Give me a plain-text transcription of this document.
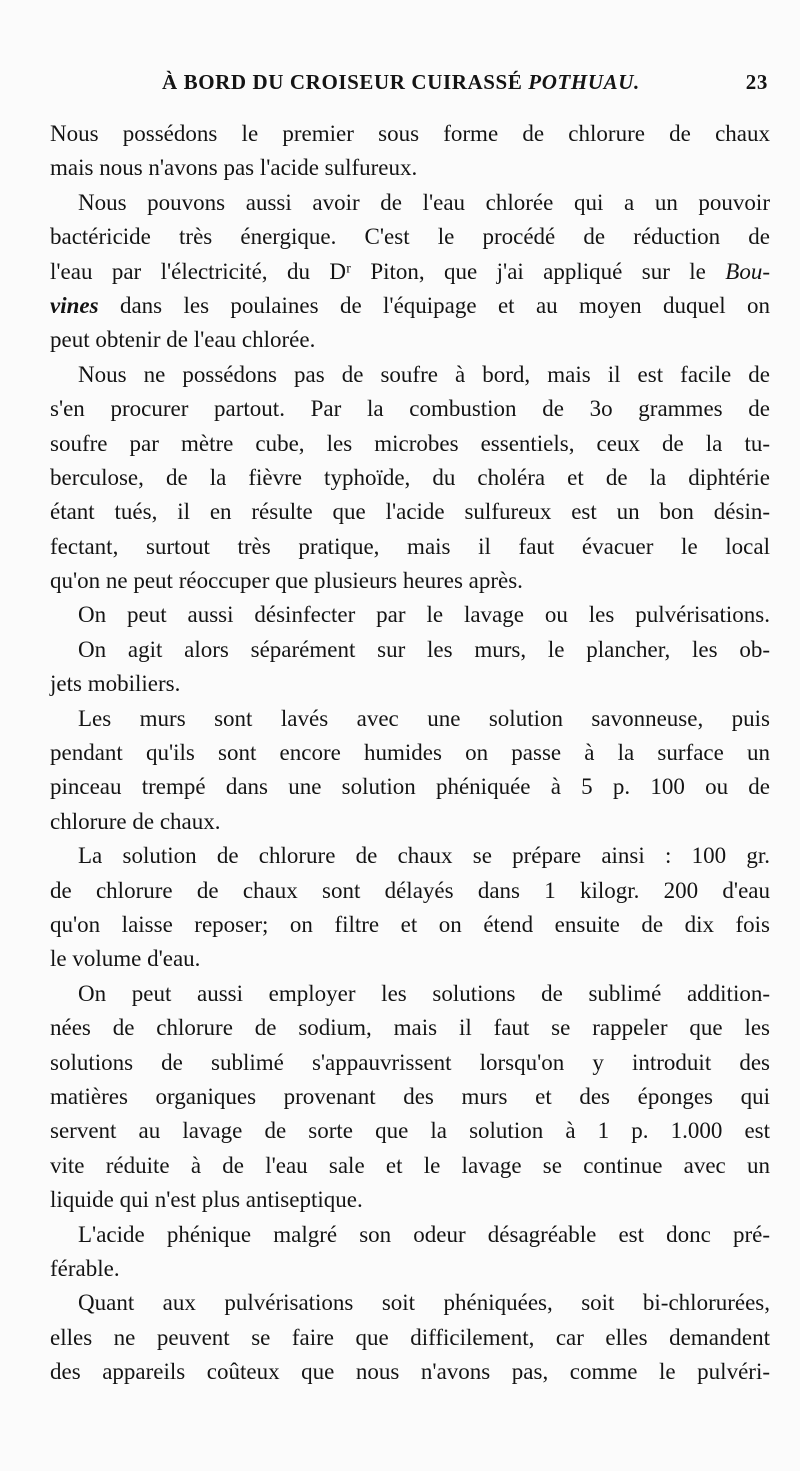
À BORD DU CROISEUR CUIRASSÉ POTHUAU.	23
Nous possédons le premier sous forme de chlorure de chaux
mais nous n'avons pas l'acide sulfureux.
Nous pouvons aussi avoir de l'eau chlorée qui a un pouvoir
bactéricide très énergique. C'est le procédé de réduction de
l'eau par l'électricité, du Dʳ Piton, que j'ai appliqué sur le Bou-
vines dans les poulaines de l'équipage et au moyen duquel on
peut obtenir de l'eau chlorée.
Nous ne possédons pas de soufre à bord, mais il est facile de
s'en procurer partout. Par la combustion de 3o grammes de
soufre par mètre cube, les microbes essentiels, ceux de la tu-
berculose, de la fièvre typhoïde, du choléra et de la diphtérie
étant tués, il en résulte que l'acide sulfureux est un bon désin-
fectant, surtout très pratique, mais il faut évacuer le local
qu'on ne peut réoccuper que plusieurs heures après.
On peut aussi désinfecter par le lavage ou les pulvérisations.
On agit alors séparément sur les murs, le plancher, les ob-
jets mobiliers.
Les murs sont lavés avec une solution savonneuse, puis
pendant qu'ils sont encore humides on passe à la surface un
pinceau trempé dans une solution phéniquée à 5 p. 100 ou de
chlorure de chaux.
La solution de chlorure de chaux se prépare ainsi : 100 gr.
de chlorure de chaux sont délayés dans 1 kilogr. 200 d'eau
qu'on laisse reposer; on filtre et on étend ensuite de dix fois
le volume d'eau.
On peut aussi employer les solutions de sublimé addition-
nées de chlorure de sodium, mais il faut se rappeler que les
solutions de sublimé s'appauvrissent lorsqu'on y introduit des
matières organiques provenant des murs et des éponges qui
servent au lavage de sorte que la solution à 1 p. 1.000 est
vite réduite à de l'eau sale et le lavage se continue avec un
liquide qui n'est plus antiseptique.
L'acide phénique malgré son odeur désagréable est donc pré-
férable.
Quant aux pulvérisations soit phéniquées, soit bi-chlorurées,
elles ne peuvent se faire que difficilement, car elles demandent
des appareils coûteux que nous n'avons pas, comme le pulvéri-
